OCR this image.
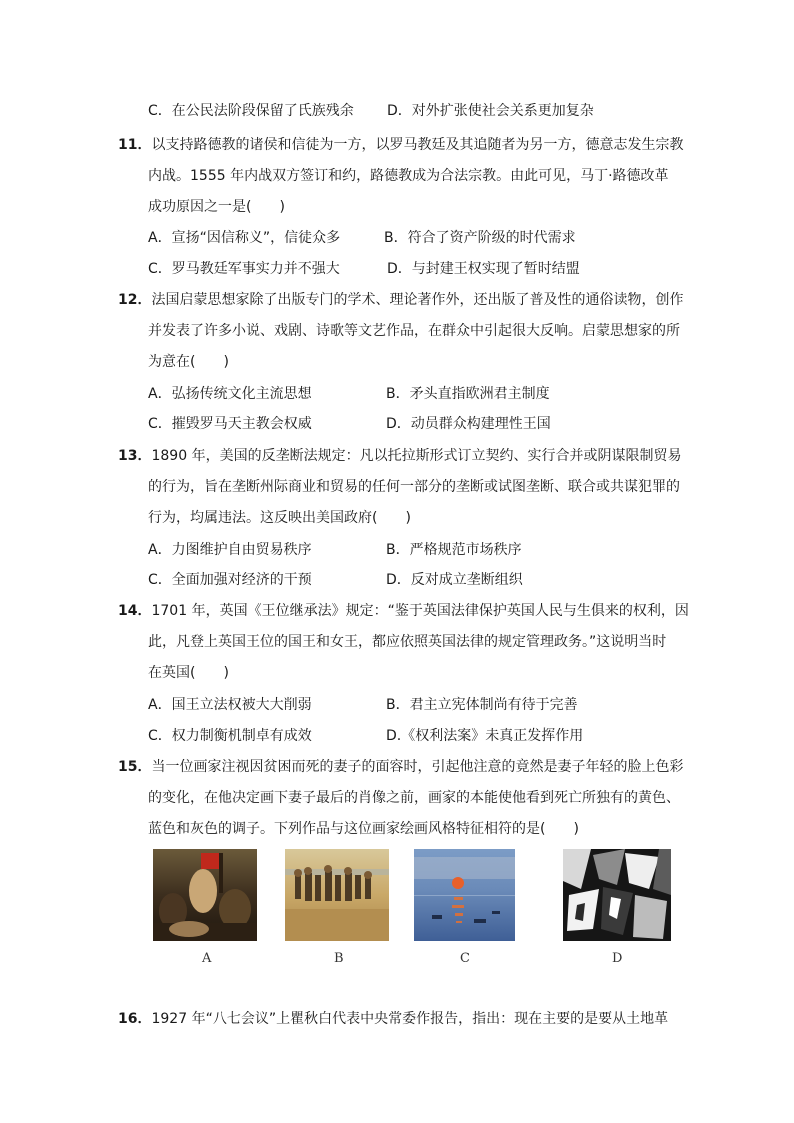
C．在公民法阶段保留了氏族残余 D．对外扩张使社会关系更加复杂
11．以支持路德教的诸侯和信徒为一方，以罗马教廷及其追随者为另一方，德意志发生宗教
内战。1555 年内战双方签订和约，路德教成为合法宗教。由此可见，马丁·路德改革
成功原因之一是(　　)
A．宣扬“因信称义”，信徒众多	B．符合了资产阶级的时代需求
C．罗马教廷军事实力并不强大	D．与封建王权实现了暂时结盟
12．法国启蒙思想家除了出版专门的学术、理论著作外，还出版了普及性的通俗读物，创作
并发表了许多小说、戏剧、诗歌等文艺作品，在群众中引起很大反响。启蒙思想家的所
为意在(　　)
A．弘扬传统文化主流思想	B．矛头直指欧洲君主制度
C．摧毁罗马天主教会权威	D．动员群众构建理性王国
13．1890 年，美国的反垄断法规定：凡以托拉斯形式订立契约、实行合并或阴谋限制贸易
的行为，旨在垄断州际商业和贸易的任何一部分的垄断或试图垄断、联合或共谋犯罪的
行为，均属违法。这反映出美国政府(　　)
A．力图维护自由贸易秩序	B．严格规范市场秩序
C．全面加强对经济的干预	D．反对成立垄断组织
14．1701 年，英国《王位继承法》规定：“鉴于英国法律保护英国人民与生俱来的权利，因
此，凡登上英国王位的国王和女王，都应依照英国法律的规定管理政务。”这说明当时
在英国(　　)
A．国王立法权被大大削弱	B．君主立宪体制尚有待于完善
C．权力制衡机制卓有成效	D.《权利法案》未真正发挥作用
15．当一位画家注视因贫困而死的妻子的面容时，引起他注意的竟然是妻子年轻的脸上色彩
的变化，在他决定画下妻子最后的肖像之前，画家的本能使他看到死亡所独有的黄色、
蓝色和灰色的调子。下列作品与这位画家绘画风格特征相符的是(　　)
A	B	C	D
16．1927 年“八七会议”上瞿秋白代表中央常委作报告，指出：现在主要的是要从土地革
